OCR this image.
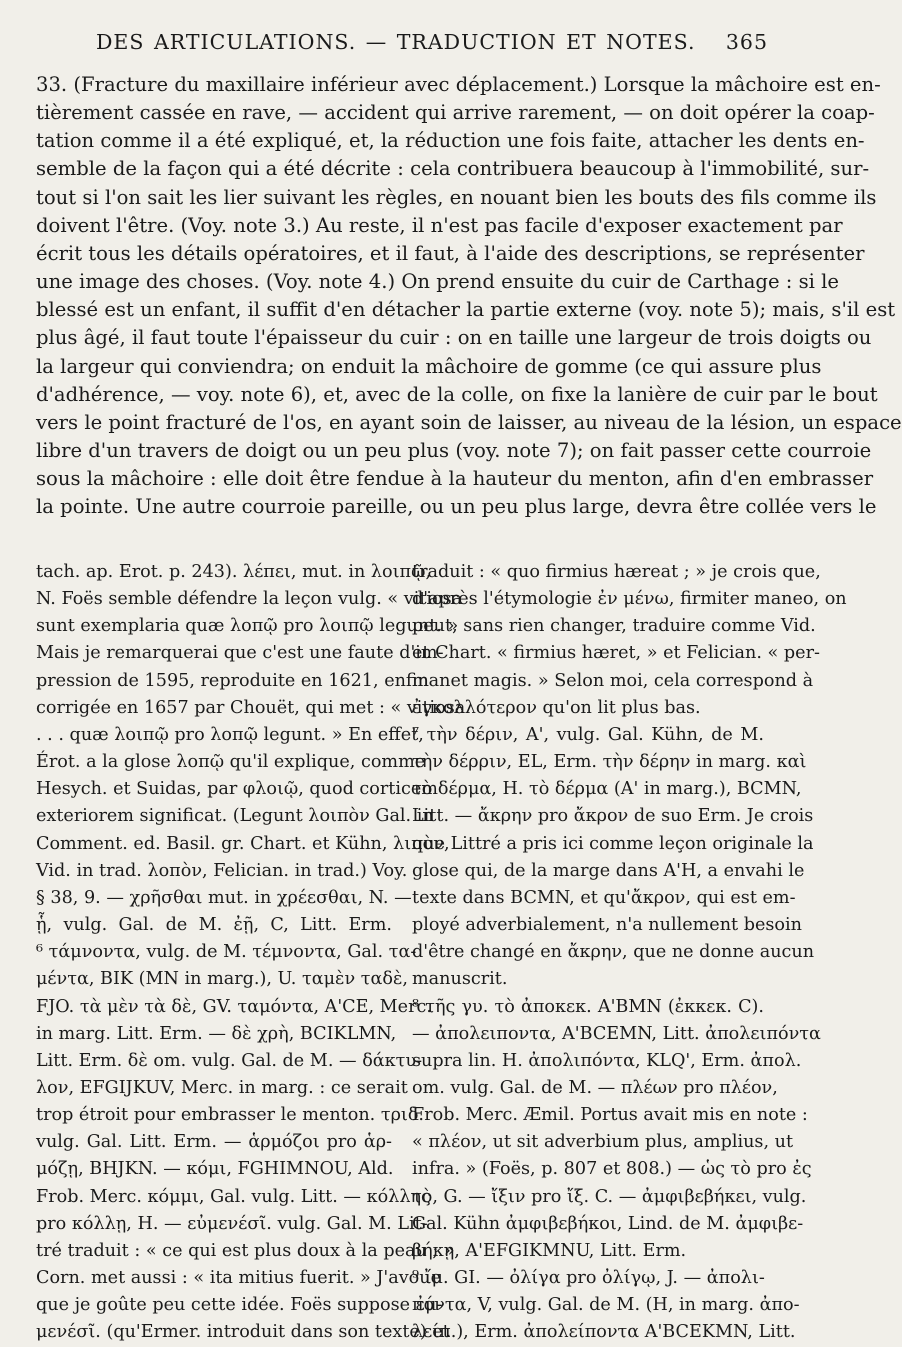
DES ARTICULATIONS. — TRADUCTION ET NOTES. 365
33. (Fracture du maxillaire inférieur avec déplacement.) Lorsque la mâchoire est en-
tièrement cassée en rave, — accident qui arrive rarement, — on doit opérer la coap-
tation comme il a été expliqué, et, la réduction une fois faite, attacher les dents en-
semble de la façon qui a été décrite : cela contribuera beaucoup à l'immobilité, sur-
tout si l'on sait les lier suivant les règles, en nouant bien les bouts des fils comme ils
doivent l'être. (Voy. note 3.) Au reste, il n'est pas facile d'exposer exactement par
écrit tous les détails opératoires, et il faut, à l'aide des descriptions, se représenter
une image des choses. (Voy. note 4.) On prend ensuite du cuir de Carthage : si le
blessé est un enfant, il suffit d'en détacher la partie externe (voy. note 5); mais, s'il est
plus âgé, il faut toute l'épaisseur du cuir : on en taille une largeur de trois doigts ou
la largeur qui conviendra; on enduit la mâchoire de gomme (ce qui assure plus
d'adhérence, — voy. note 6), et, avec de la colle, on fixe la lanière de cuir par le bout
vers le point fracturé de l'os, en ayant soin de laisser, au niveau de la lésion, un espace
libre d'un travers de doigt ou un peu plus (voy. note 7); on fait passer cette courroie
sous la mâchoire : elle doit être fendue à la hauteur du menton, afin d'en embrasser
la pointe. Une autre courroie pareille, ou un peu plus large, devra être collée vers le
tach. ap. Erot. p. 243). λέπει, mut. in λοιπῷ,
N. Foës semble défendre la leçon vulg. « vitiosa
sunt exemplaria quæ λοπῷ pro λοιπῷ legunt. »
Mais je remarquerai que c'est une faute d'im-
pression de 1595, reproduite en 1621, enfin
corrigée en 1657 par Chouët, qui met : « vitiosa
. . . quæ λοιπῷ pro λοπῷ legunt. » En effet,
Érot. a la glose λοπῷ qu'il explique, comme
Hesych. et Suidas, par φλοιῷ, quod corticem
exteriorem significat. (Legunt λοιπὸν Gal. in
Comment. ed. Basil. gr. Chart. et Kühn, λιπὸν,
Vid. in trad. λοπὸν, Felician. in trad.) Voy.
§ 38, 9. — χρῆσθαι mut. in χρέεσθαι, N. —
ᾗ, vulg. Gal. de M. ἐῇ, C, Litt. Erm.
⁶ τάμνοντα, vulg. de M. τέμνοντα, Gal. τα-
μέντα, BIK (MN in marg.), U. ταμὲν ταδὲ,
FJO. τὰ μὲν τὰ δὲ, GV. ταμόντα, A'CE, Merc.
in marg. Litt. Erm. — δὲ χρὴ, BCIKLMN,
Litt. Erm. δὲ om. vulg. Gal. de M. — δάκτυ-
λον, EFGIJKUV, Merc. in marg. : ce serait
trop étroit pour embrasser le menton. τριδ.
vulg. Gal. Litt. Erm. — ἁρμόζοι pro ἁρ-
μόζῃ, BHJKN. — κόμι, FGHIMNOU, Ald.
Frob. Merc. κόμμι, Gal. vulg. Litt. — κόλλης
pro κόλλῃ, H. — εὐμενέσῖ. vulg. Gal. M. Lit-
tré traduit : « ce qui est plus doux à la peau ; »
Corn. met aussi : « ita mitius fuerit. » J'avoue
que je goûte peu cette idée. Foës suppose ἐμ-
μενέσῖ. (qu'Ermer. introduit dans son texte) et
traduit : « quo firmius hæreat ; » je crois que,
d'après l'étymologie ἐν μένω, firmiter maneo, on
peut, sans rien changer, traduire comme Vid.
et Chart. « firmius hæret, » et Felician. « per-
manet magis. » Selon moi, cela correspond à
ἐγκολλότερον qu'on lit plus bas.
⁷ τὴν δέριν, A', vulg. Gal. Kühn, de M.
τὴν δέρριν, EL, Erm. τὴν δέρην in marg. καὶ
τὸ δέρμα, H. τὸ δέρμα (A' in marg.), BCMN,
Litt. — ἄκρην pro ἄκρον de suo Erm. Je crois
que Littré a pris ici comme leçon originale la
glose qui, de la marge dans A'H, a envahi le
texte dans BCMN, et qu'ἄκρον, qui est em-
ployé adverbialement, n'a nullement besoin
d'être changé en ἄκρην, que ne donne aucun
manuscrit.
⁸ τῆς γυ. τὸ ἀποκεκ. A'BMN (ἐκκεκ. C).
— ἀπολειποντα, A'BCEMN, Litt. ἀπολειπόντα
supra lin. H. ἀπολιπόντα, KLQ', Erm. ἀπολ.
om. vulg. Gal. de M. — πλέων pro πλέον,
Frob. Merc. Æmil. Portus avait mis en note :
« πλέον, ut sit adverbium plus, amplius, ut
infra. » (Foës, p. 807 et 808.) — ὡς τὸ pro ἐς
τὸ, G. — ἴξιν pro ἴξ. C. — ἀμφιβεβήκει, vulg.
Gal. Kühn ἀμφιβεβήκοι, Lind. de M. ἀμφιβε-
βήκῃ, A'EFGIKMNU, Litt. Erm.
⁹ ἴμ. GI. — ὀλίγα pro ὀλίγῳ, J. — ἀπολι-
πόντα, V, vulg. Gal. de M. (H, in marg. ἀπο-
λείπ.), Erm. ἀπολείποντα A'BCEKMN, Litt.
